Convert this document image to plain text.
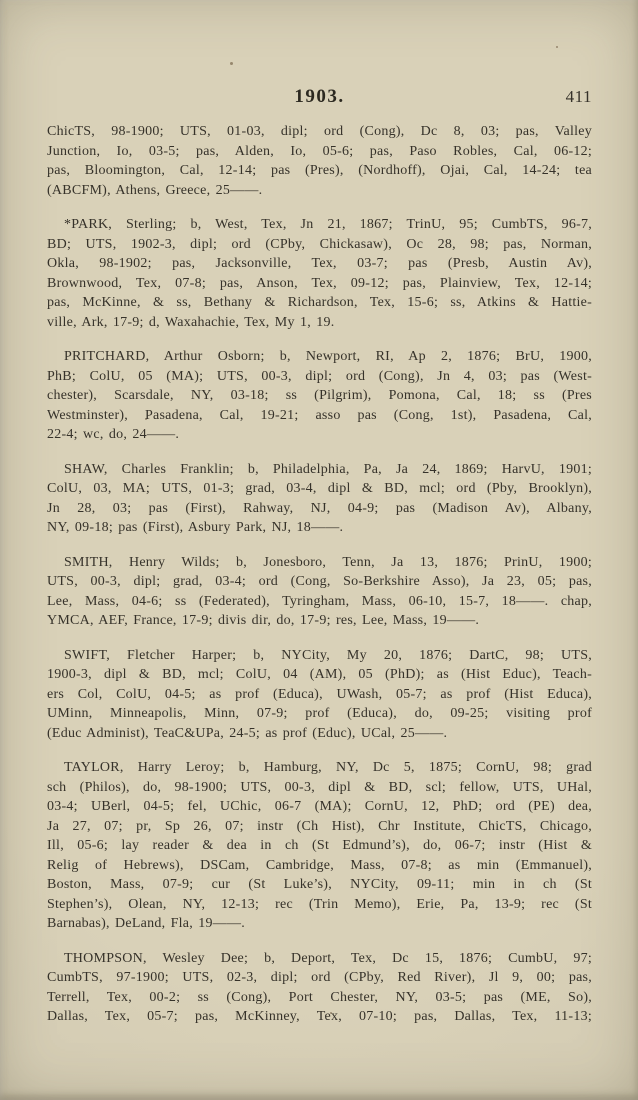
1903.	411
ChicTS, 98-1900; UTS, 01-03, dipl; ord (Cong), Dc 8, 03; pas, Valley
Junction, Io, 03-5; pas, Alden, Io, 05-6; pas, Paso Robles, Cal, 06-12;
pas, Bloomington, Cal, 12-14; pas (Pres), (Nordhoff), Ojai, Cal, 14-24; tea
(ABCFM), Athens, Greece, 25——.
*PARK, Sterling; b, West, Tex, Jn 21, 1867; TrinU, 95; CumbTS, 96-7,
BD; UTS, 1902-3, dipl; ord (CPby, Chickasaw), Oc 28, 98; pas, Norman,
Okla, 98-1902; pas, Jacksonville, Tex, 03-7; pas (Presb, Austin Av),
Brownwood, Tex, 07-8; pas, Anson, Tex, 09-12; pas, Plainview, Tex, 12-14;
pas, McKinne, & ss, Bethany & Richardson, Tex, 15-6; ss, Atkins & Hattie-
ville, Ark, 17-9; d, Waxahachie, Tex, My 1, 19.
PRITCHARD, Arthur Osborn; b, Newport, RI, Ap 2, 1876; BrU, 1900,
PhB; ColU, 05 (MA); UTS, 00-3, dipl; ord (Cong), Jn 4, 03; pas (West-
chester), Scarsdale, NY, 03-18; ss (Pilgrim), Pomona, Cal, 18; ss (Pres
Westminster), Pasadena, Cal, 19-21; asso pas (Cong, 1st), Pasadena, Cal,
22-4; wc, do, 24——.
SHAW, Charles Franklin; b, Philadelphia, Pa, Ja 24, 1869; HarvU, 1901;
ColU, 03, MA; UTS, 01-3; grad, 03-4, dipl & BD, mcl; ord (Pby, Brooklyn),
Jn 28, 03; pas (First), Rahway, NJ, 04-9; pas (Madison Av), Albany,
NY, 09-18; pas (First), Asbury Park, NJ, 18——.
SMITH, Henry Wilds; b, Jonesboro, Tenn, Ja 13, 1876; PrinU, 1900;
UTS, 00-3, dipl; grad, 03-4; ord (Cong, So-Berkshire Asso), Ja 23, 05; pas,
Lee, Mass, 04-6; ss (Federated), Tyringham, Mass, 06-10, 15-7, 18——. chap,
YMCA, AEF, France, 17-9; divis dir, do, 17-9; res, Lee, Mass, 19——.
SWIFT, Fletcher Harper; b, NYCity, My 20, 1876; DartC, 98; UTS,
1900-3, dipl & BD, mcl; ColU, 04 (AM), 05 (PhD); as (Hist Educ), Teach-
ers Col, ColU, 04-5; as prof (Educa), UWash, 05-7; as prof (Hist Educa),
UMinn, Minneapolis, Minn, 07-9; prof (Educa), do, 09-25; visiting prof
(Educ Administ), TeaC&UPa, 24-5; as prof (Educ), UCal, 25——.
TAYLOR, Harry Leroy; b, Hamburg, NY, Dc 5, 1875; CornU, 98; grad
sch (Philos), do, 98-1900; UTS, 00-3, dipl & BD, scl; fellow, UTS, UHal,
03-4; UBerl, 04-5; fel, UChic, 06-7 (MA); CornU, 12, PhD; ord (PE) dea,
Ja 27, 07; pr, Sp 26, 07; instr (Ch Hist), Chr Institute, ChicTS, Chicago,
Ill, 05-6; lay reader & dea in ch (St Edmund’s), do, 06-7; instr (Hist &
Relig of Hebrews), DSCam, Cambridge, Mass, 07-8; as min (Emmanuel),
Boston, Mass, 07-9; cur (St Luke’s), NYCity, 09-11; min in ch (St
Stephen’s), Olean, NY, 12-13; rec (Trin Memo), Erie, Pa, 13-9; rec (St
Barnabas), DeLand, Fla, 19——.
THOMPSON, Wesley Dee; b, Deport, Tex, Dc 15, 1876; CumbU, 97;
CumbTS, 97-1900; UTS, 02-3, dipl; ord (CPby, Red River), Jl 9, 00; pas,
Terrell, Tex, 00-2; ss (Cong), Port Chester, NY, 03-5; pas (ME, So),
Dallas, Tex, 05-7; pas, McKinney, Tex, 07-10; pas, Dallas, Tex, 11-13;
